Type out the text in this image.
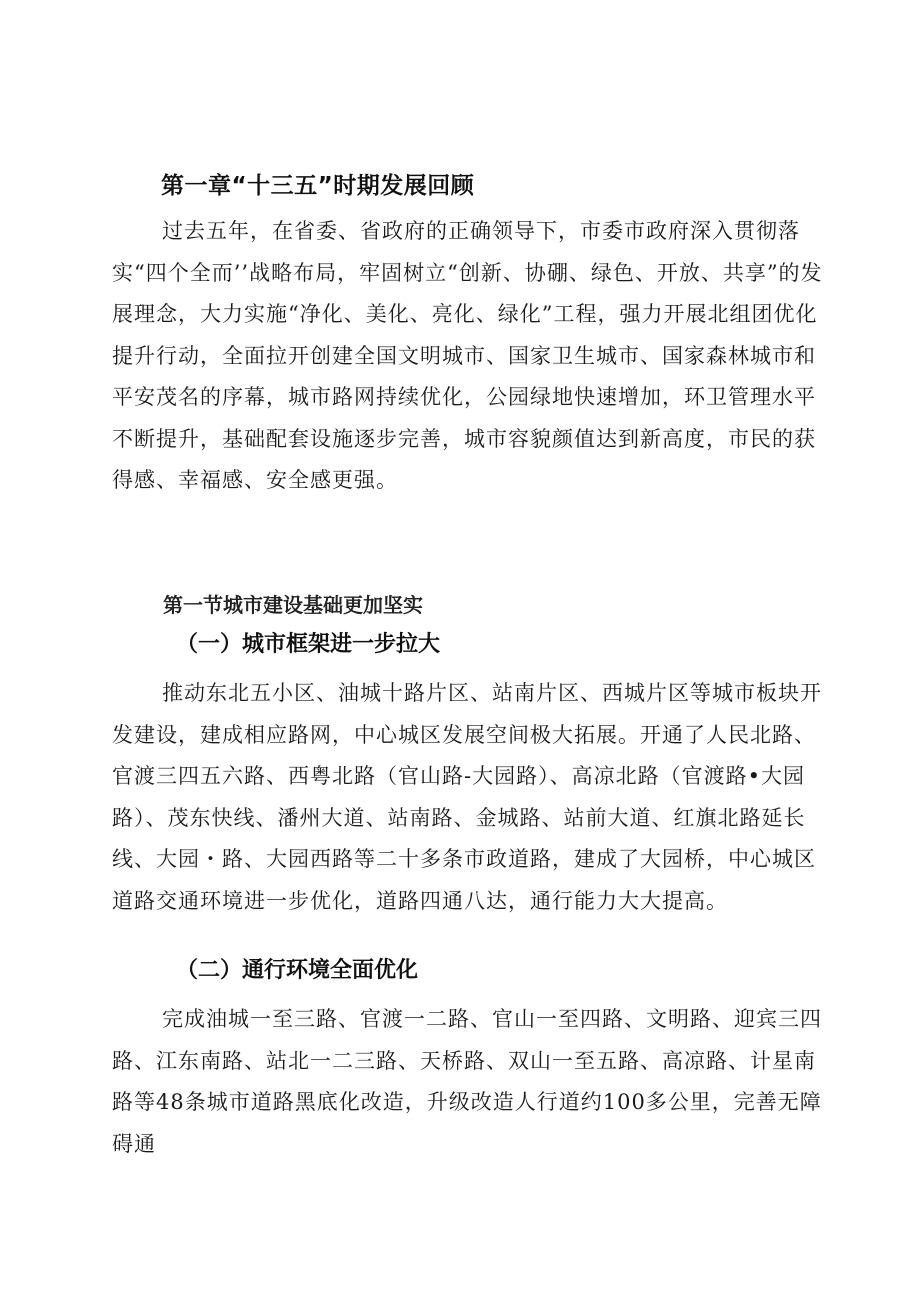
第一章“十三五”时期发展回顾

过去五年，在省委、省政府的正确领导下，市委市政府深入贯彻落实“四个全而’’战略布局，牢固树立“创新、协硼、绿色、开放、共享”的发展理念，大力实施“净化、美化、亮化、绿化”工程，强力开展北组团优化提升行动，全面拉开创建全国文明城市、国家卫生城市、国家森林城市和平安茂名的序幕，城市路网持续优化，公园绿地快速增加，环卫管理水平不断提升，基础配套设施逐步完善，城市容貌颜值达到新高度，市民的获得感、幸福感、安全感更强。

第一节城市建设基础更加坚实
（一）城市框架进一步拉大

推动东北五小区、油城十路片区、站南片区、西城片区等城市板块开发建设，建成相应路网，中心城区发展空间极大拓展。开通了人民北路、官渡三四五六路、西粤北路（官山路-大园路）、高凉北路（官渡路•大园路）、茂东快线、潘州大道、站南路、金城路、站前大道、红旗北路延长线、大园・路、大园西路等二十多条市政道路，建成了大园桥，中心城区道路交通环境进一步优化，道路四通八达，通行能力大大提高。

（二）通行环境全面优化

完成油城一至三路、官渡一二路、官山一至四路、文明路、迎宾三四路、江东南路、站北一二三路、天桥路、双山一至五路、高凉路、计星南路等48条城市道路黑底化改造，升级改造人行道约100多公里，完善无障碍通
